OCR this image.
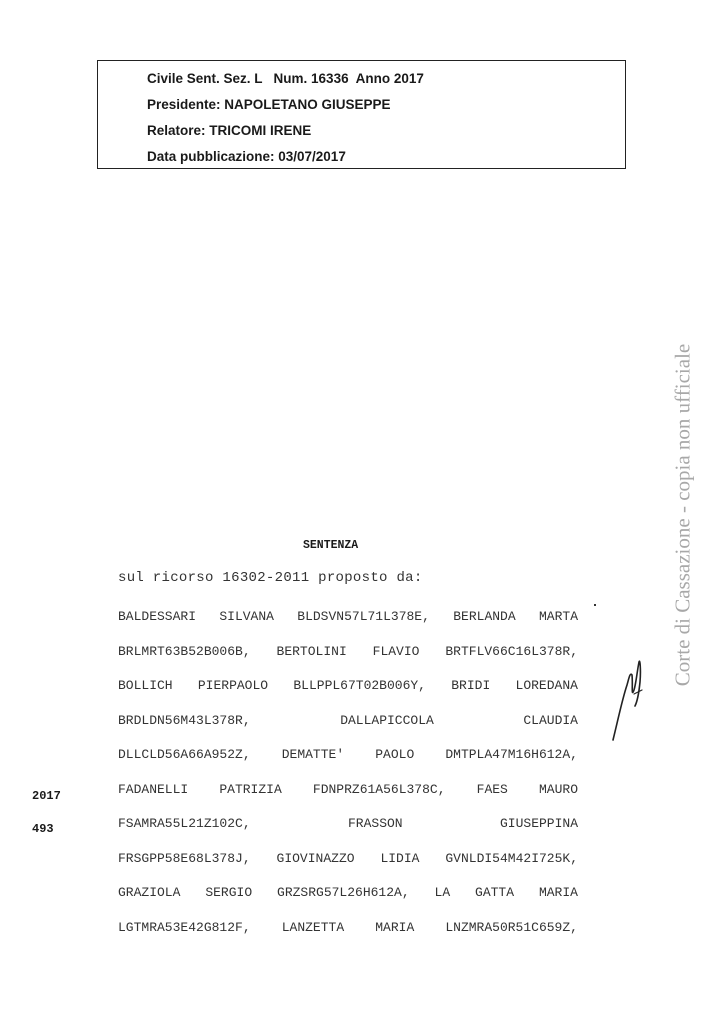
Civile Sent. Sez. L   Num. 16336  Anno 2017
Presidente: NAPOLETANO GIUSEPPE
Relatore: TRICOMI IRENE
Data pubblicazione: 03/07/2017
Corte di Cassazione - copia non ufficiale
SENTENZA
sul ricorso 16302-2011 proposto da:
BALDESSARI SILVANA BLDSVN57L71L378E, BERLANDA MARTA
BRLMRT63B52B006B, BERTOLINI FLAVIO BRTFLV66C16L378R,
BOLLICH PIERPAOLO BLLPPL67T02B006Y, BRIDI LOREDANA
BRDLDN56M43L378R,	DALLAPICCOLA	CLAUDIA
DLLCLD56A66A952Z, DEMATTE' PAOLO DMTPLA47M16H612A,
FADANELLI PATRIZIA FDNPRZ61A56L378C, FAES MAURO
FSAMRA55L21Z102C,	FRASSON	GIUSEPPINA
FRSGPP58E68L378J, GIOVINAZZO LIDIA GVNLDI54M42I725K,
GRAZIOLA SERGIO GRZSRG57L26H612A, LA GATTA MARIA
LGTMRA53E42G812F, LANZETTA MARIA LNZMRA50R51C659Z,
2017
493
